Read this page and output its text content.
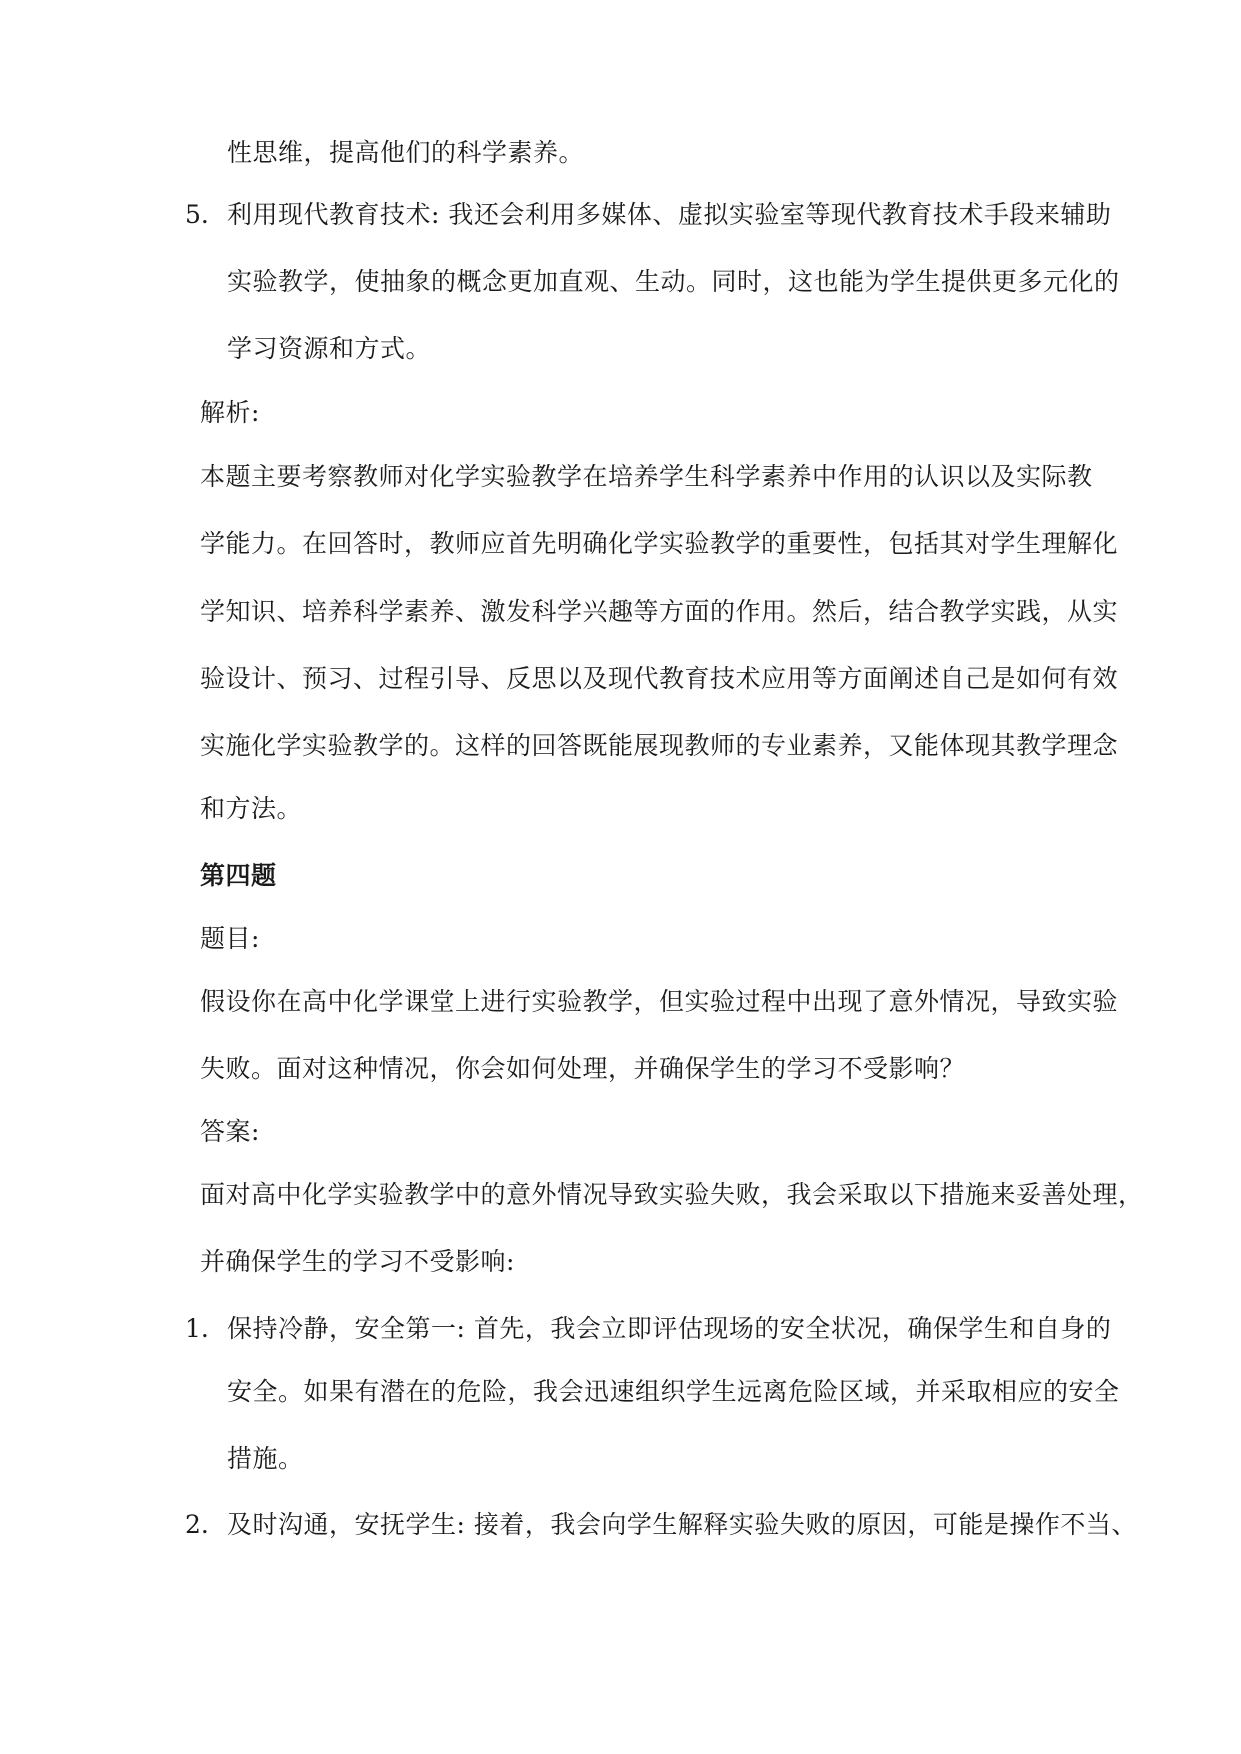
性思维，提高他们的科学素养。
5. 利用现代教育技术: 我还会利用多媒体、虚拟实验室等现代教育技术手段来辅助
实验教学，使抽象的概念更加直观、生动。同时，这也能为学生提供更多元化的
学习资源和方式。
解析:
本题主要考察教师对化学实验教学在培养学生科学素养中作用的认识以及实际教
学能力。在回答时，教师应首先明确化学实验教学的重要性，包括其对学生理解化
学知识、培养科学素养、激发科学兴趣等方面的作用。然后，结合教学实践，从实
验设计、预习、过程引导、反思以及现代教育技术应用等方面阐述自己是如何有效
实施化学实验教学的。这样的回答既能展现教师的专业素养，又能体现其教学理念
和方法。
第四题
题目:
假设你在高中化学课堂上进行实验教学，但实验过程中出现了意外情况，导致实验
失败。面对这种情况，你会如何处理，并确保学生的学习不受影响？
答案:
面对高中化学实验教学中的意外情况导致实验失败，我会采取以下措施来妥善处理，
并确保学生的学习不受影响:
1. 保持冷静，安全第一: 首先，我会立即评估现场的安全状况，确保学生和自身的
安全。如果有潜在的危险，我会迅速组织学生远离危险区域，并采取相应的安全
措施。
2. 及时沟通，安抚学生: 接着，我会向学生解释实验失败的原因，可能是操作不当、
